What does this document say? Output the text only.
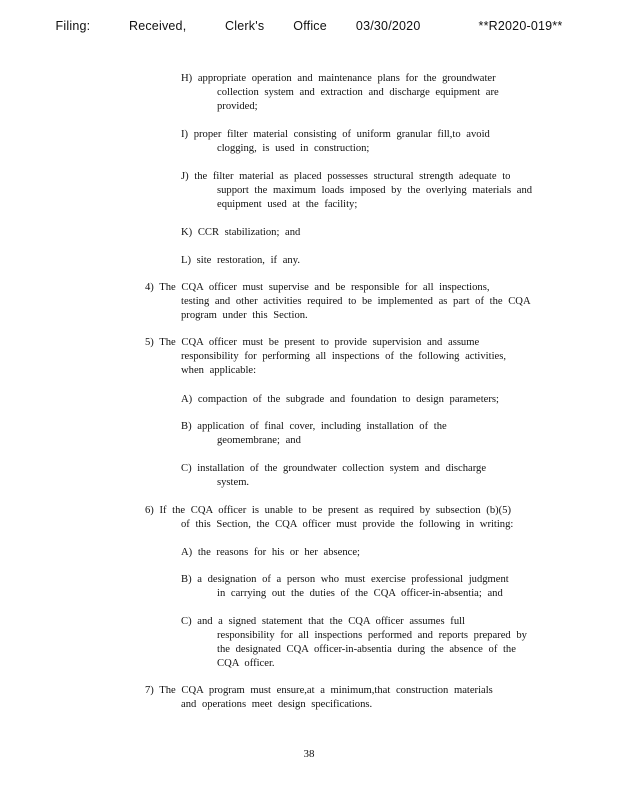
Filing:    Received,    Clerk's   Office   03/30/2020      **R2020-019**
H) appropriate operation and maintenance plans for the groundwater
collection system and extraction and discharge equipment are
provided;
I) proper filter material consisting of uniform granular fill,to avoid
clogging, is used in construction;
J) the filter material as placed possesses structural strength adequate to
support the maximum loads imposed by the overlying materials and
equipment used at the facility;
K) CCR stabilization; and
L) site restoration, if any.
4) The CQA officer must supervise and be responsible for all inspections,
testing and other activities required to be implemented as part of the CQA
program under this Section.
5) The CQA officer must be present to provide supervision and assume
responsibility for performing all inspections of the following activities,
when applicable:
A) compaction of the subgrade and foundation to design parameters;
B) application of final cover, including installation of the
geomembrane; and
C) installation of the groundwater collection system and discharge
system.
6) If the CQA officer is unable to be present as required by subsection (b)(5)
of this Section, the CQA officer must provide the following in writing:
A) the reasons for his or her absence;
B) a designation of a person who must exercise professional judgment
in carrying out the duties of the CQA officer-in-absentia; and
C) and a signed statement that the CQA officer assumes full
responsibility for all inspections performed and reports prepared by
the designated CQA officer-in-absentia during the absence of the
CQA officer.
7) The CQA program must ensure,at a minimum,that construction materials
and operations meet design specifications.
38
